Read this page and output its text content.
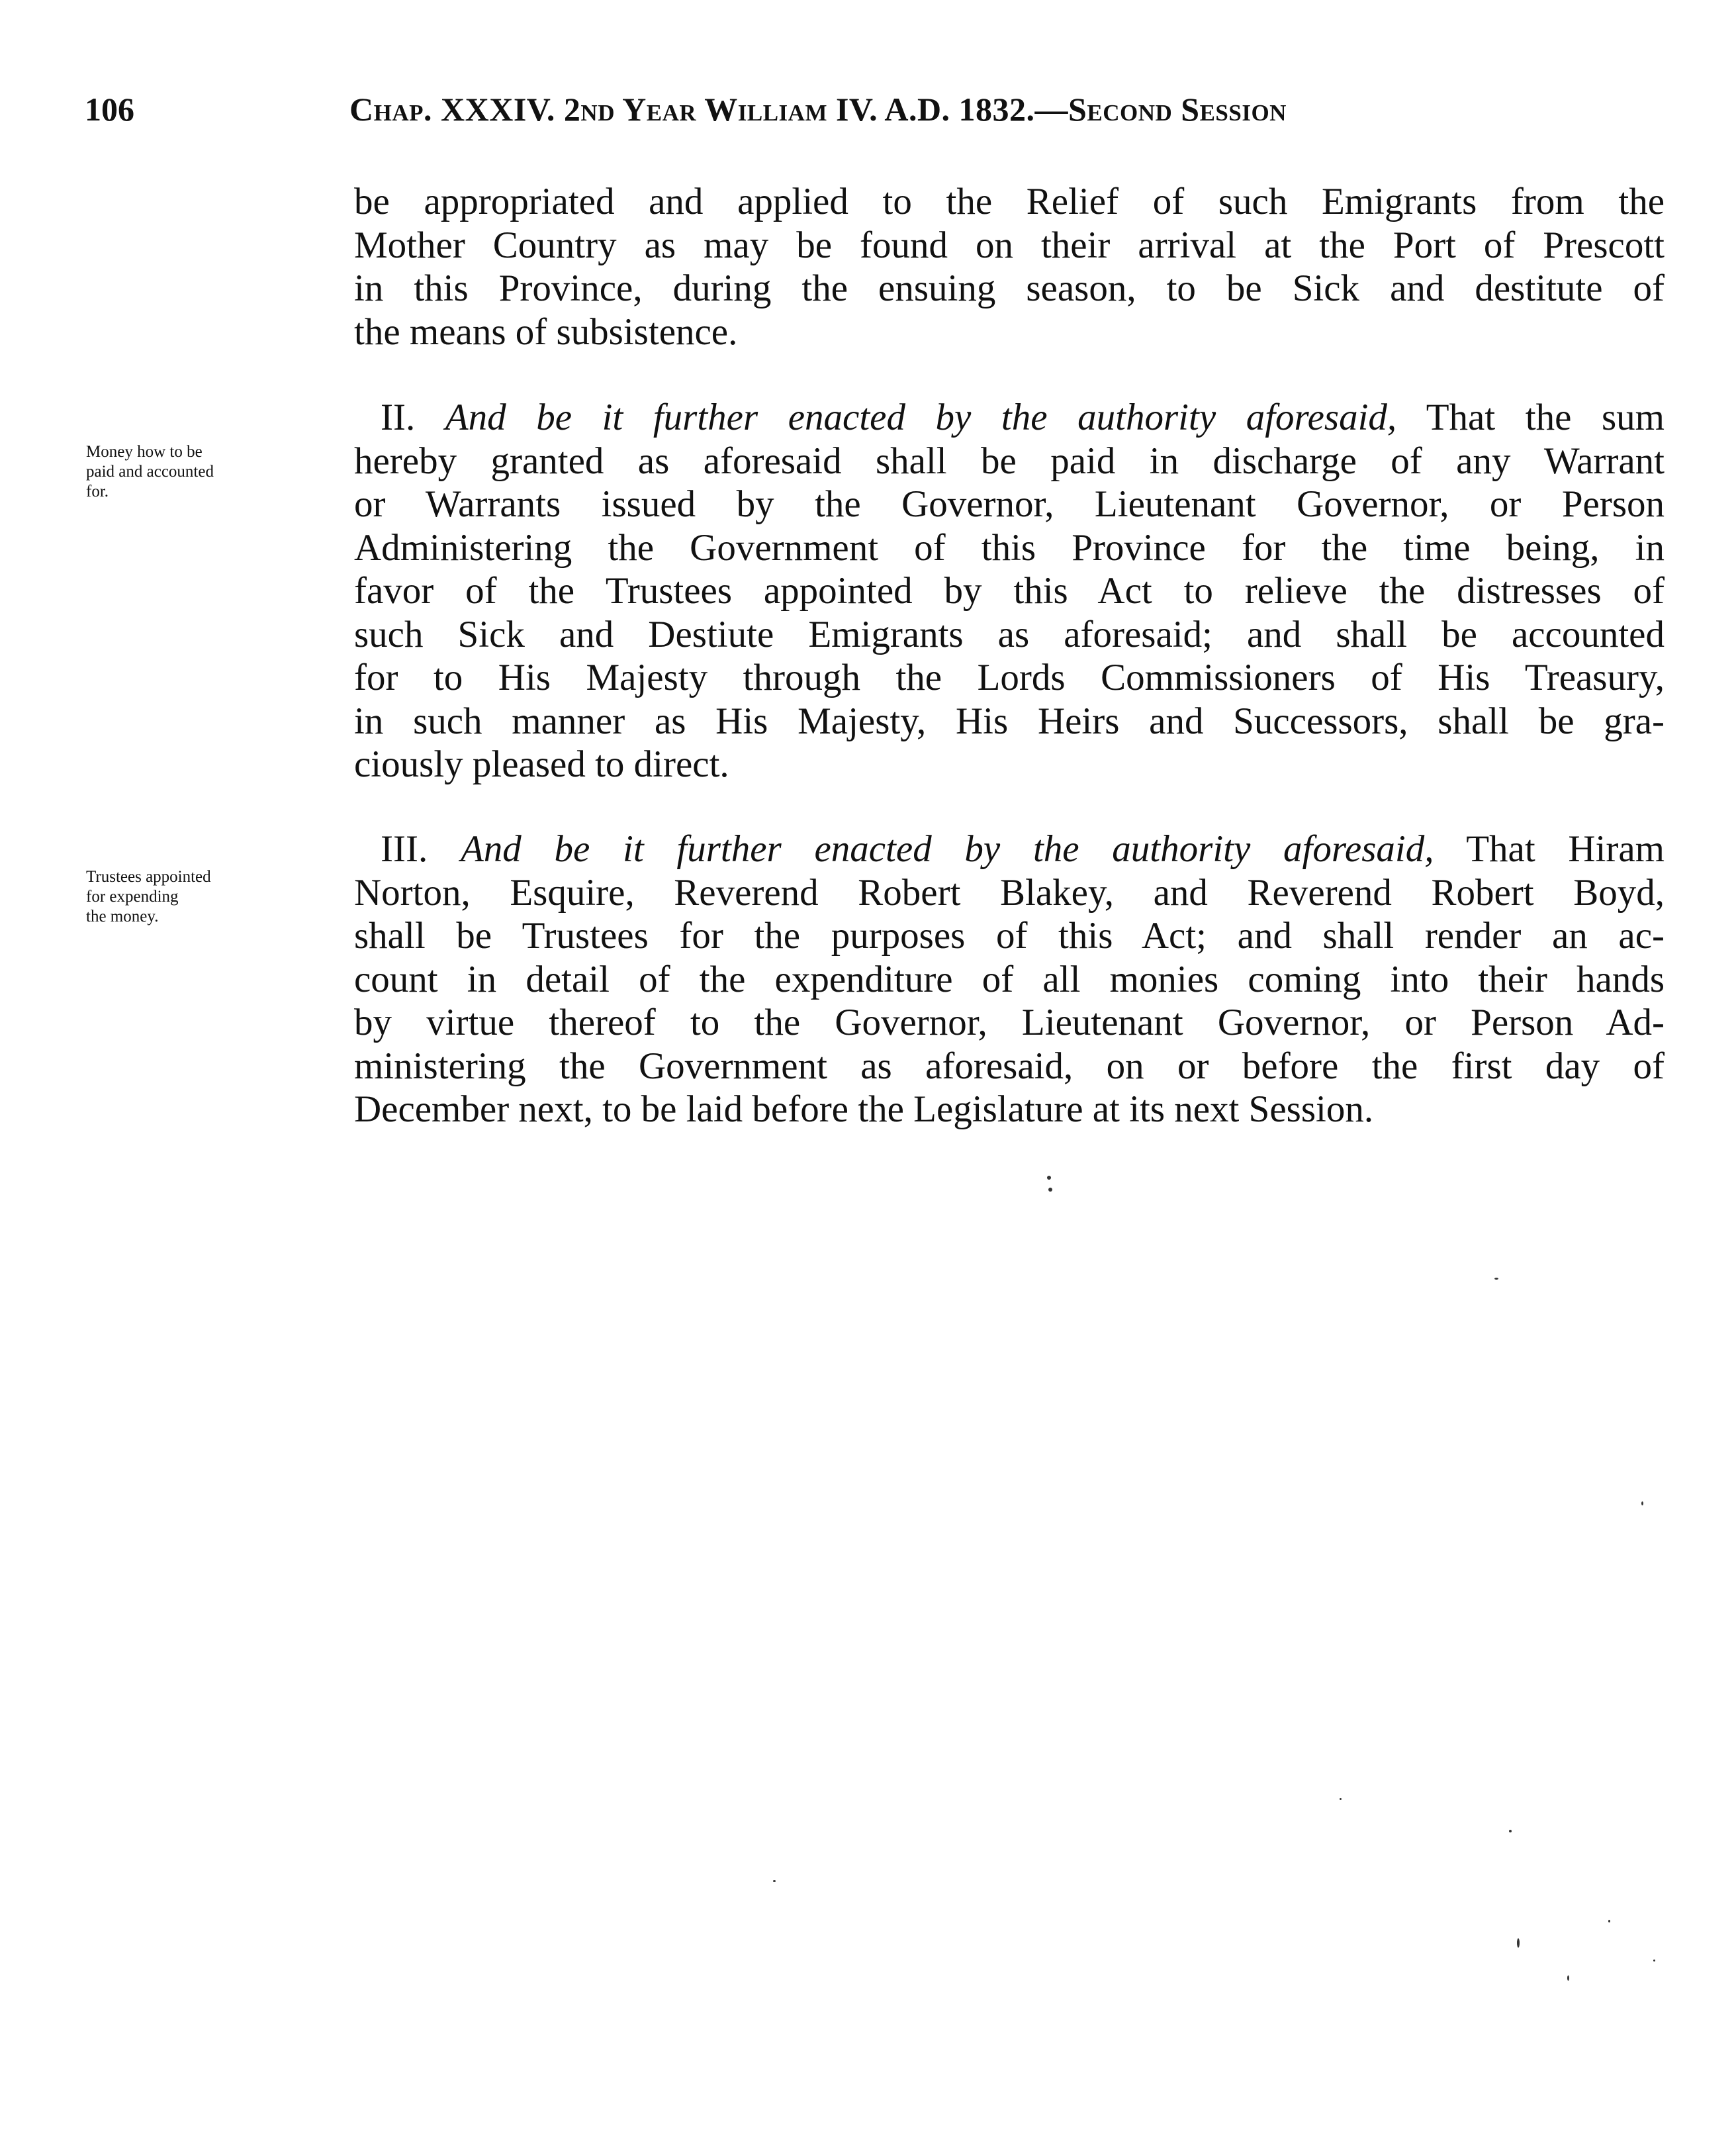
106	Chap. XXXIV. 2nd Year William IV. A.D. 1832.—Second Session
be appropriated and applied to the Relief of such Emigrants from the
Mother Country as may be found on their arrival at the Port of Prescott
in this Province, during the ensuing season, to be Sick and destitute of
the means of subsistence.
Money how to be
paid and accounted
for.
II. And be it further enacted by the authority aforesaid, That the sum
hereby granted as aforesaid shall be paid in discharge of any Warrant
or Warrants issued by the Governor, Lieutenant Governor, or Person
Administering the Government of this Province for the time being, in
favor of the Trustees appointed by this Act to relieve the distresses of
such Sick and Destiute Emigrants as aforesaid; and shall be accounted
for to His Majesty through the Lords Commissioners of His Treasury,
in such manner as His Majesty, His Heirs and Successors, shall be gra-
ciously pleased to direct.
Trustees appointed
for expending
the money.
III. And be it further enacted by the authority aforesaid, That Hiram
Norton, Esquire, Reverend Robert Blakey, and Reverend Robert Boyd,
shall be Trustees for the purposes of this Act; and shall render an ac-
count in detail of the expenditure of all monies coming into their hands
by virtue thereof to the Governor, Lieutenant Governor, or Person Ad-
ministering the Government as aforesaid, on or before the first day of
December next, to be laid before the Legislature at its next Session.
